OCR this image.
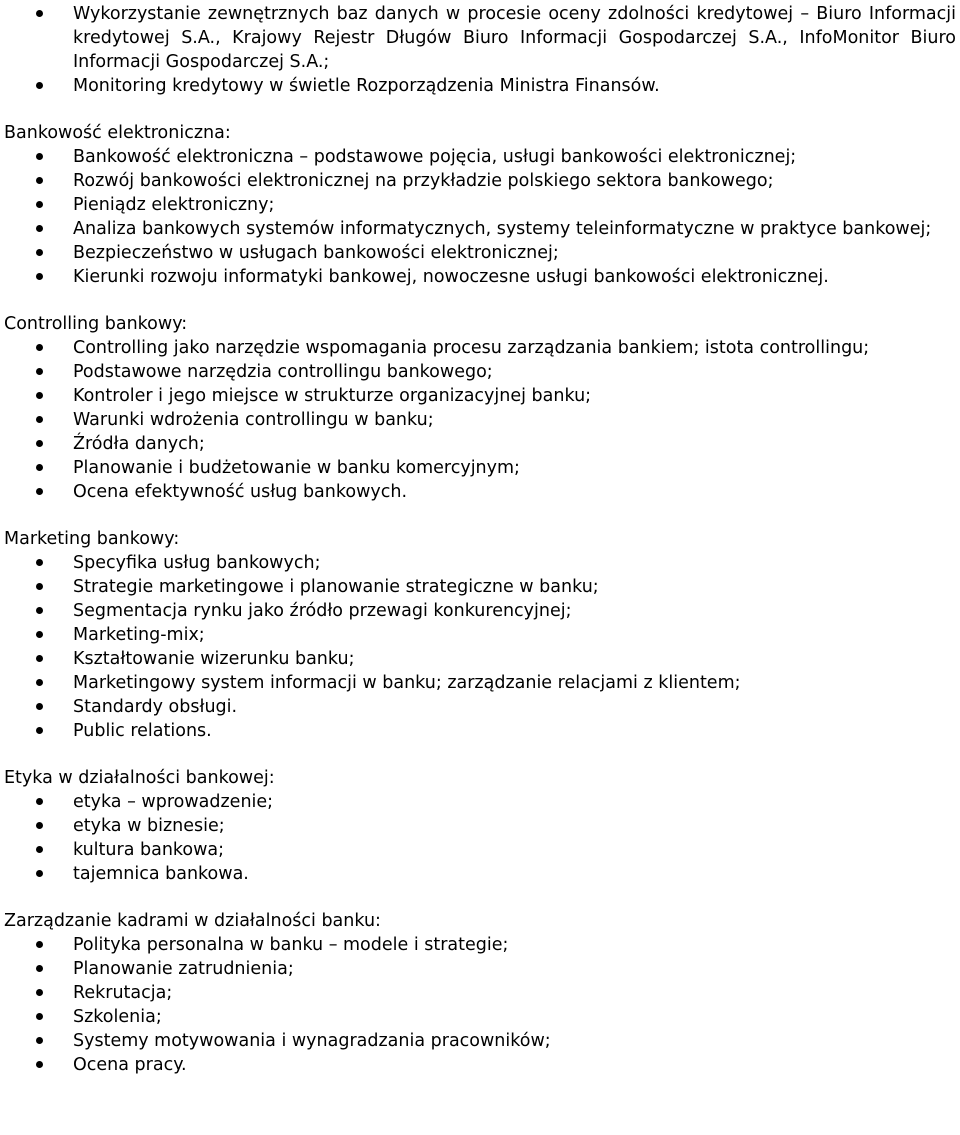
Wykorzystanie zewnętrznych baz danych w procesie oceny zdolności kredytowej – Biuro Informacji kredytowej S.A., Krajowy Rejestr Długów Biuro Informacji Gospodarczej S.A., InfoMonitor Biuro Informacji Gospodarczej S.A.;
Monitoring kredytowy w świetle Rozporządzenia Ministra Finansów.
Bankowość elektroniczna:
Bankowość elektroniczna – podstawowe pojęcia, usługi bankowości elektronicznej;
Rozwój bankowości elektronicznej na przykładzie polskiego sektora bankowego;
Pieniądz elektroniczny;
Analiza bankowych systemów informatycznych, systemy teleinformatyczne w praktyce bankowej;
Bezpieczeństwo w usługach bankowości elektronicznej;
Kierunki rozwoju informatyki bankowej, nowoczesne usługi bankowości elektronicznej.
Controlling bankowy:
Controlling jako narzędzie wspomagania procesu zarządzania bankiem; istota controllingu;
Podstawowe narzędzia controllingu bankowego;
Kontroler i jego miejsce w strukturze organizacyjnej banku;
Warunki wdrożenia controllingu w banku;
Źródła danych;
Planowanie i budżetowanie w banku komercyjnym;
Ocena efektywność usług bankowych.
Marketing bankowy:
Specyfika usług bankowych;
Strategie marketingowe i planowanie strategiczne w banku;
Segmentacja rynku jako źródło przewagi konkurencyjnej;
Marketing-mix;
Kształtowanie wizerunku banku;
Marketingowy system informacji w banku; zarządzanie relacjami z klientem;
Standardy obsługi.
Public relations.
Etyka w działalności bankowej:
etyka – wprowadzenie;
etyka w biznesie;
kultura bankowa;
tajemnica bankowa.
Zarządzanie kadrami w działalności banku:
Polityka personalna w banku – modele i strategie;
Planowanie zatrudnienia;
Rekrutacja;
Szkolenia;
Systemy motywowania i wynagradzania pracowników;
Ocena pracy.
